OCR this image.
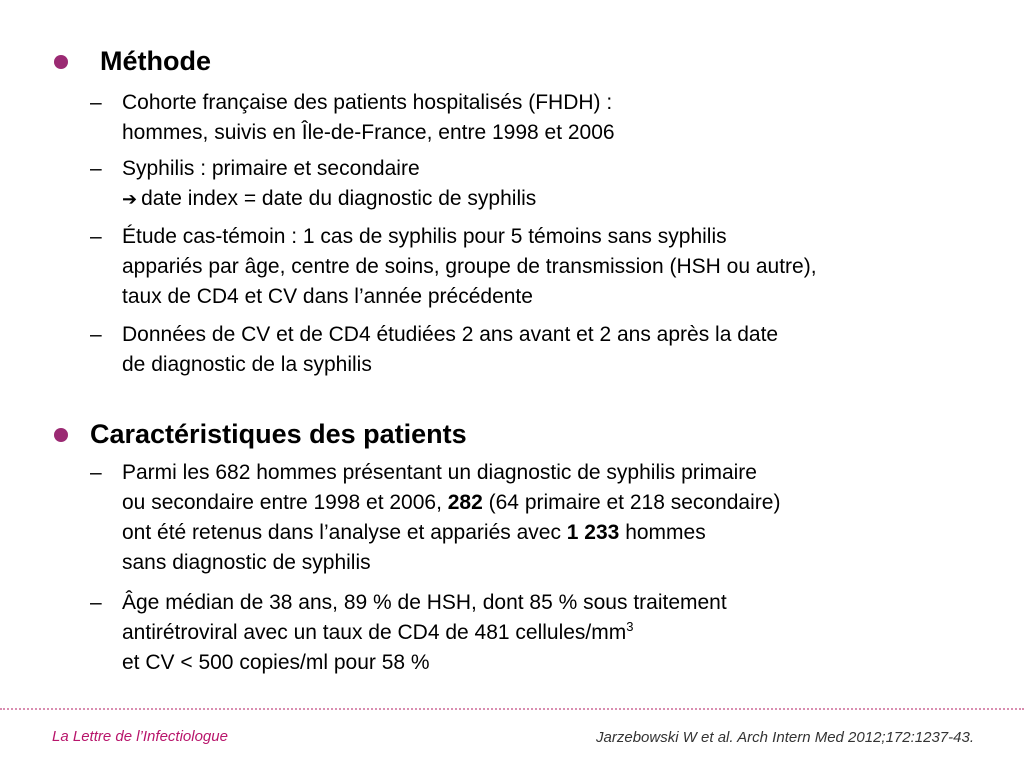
Méthode
– Cohorte française des patients hospitalisés (FHDH) :
hommes, suivis en Île-de-France, entre 1998 et 2006
– Syphilis : primaire et secondaire
➔ date index = date du diagnostic de syphilis
– Étude cas-témoin : 1 cas de syphilis pour 5 témoins sans syphilis
appariés par âge, centre de soins, groupe de transmission (HSH ou autre),
taux de CD4 et CV dans l’année précédente
– Données de CV et de CD4 étudiées 2 ans avant et 2 ans après la date
de diagnostic de la syphilis
Caractéristiques des patients
– Parmi les 682 hommes présentant un diagnostic de syphilis primaire
ou secondaire entre 1998 et 2006, 282 (64 primaire et 218 secondaire)
ont été retenus dans l’analyse et appariés avec 1 233 hommes
sans diagnostic de syphilis
– Âge médian de 38 ans, 89 % de HSH, dont 85 % sous traitement
antirétroviral avec un taux de CD4 de 481 cellules/$mm^3$
et CV < 500 copies/ml pour 58 %
La Lettre de l’Infectiologue	Jarzebowski W et al. Arch Intern Med 2012;172:1237-43.
